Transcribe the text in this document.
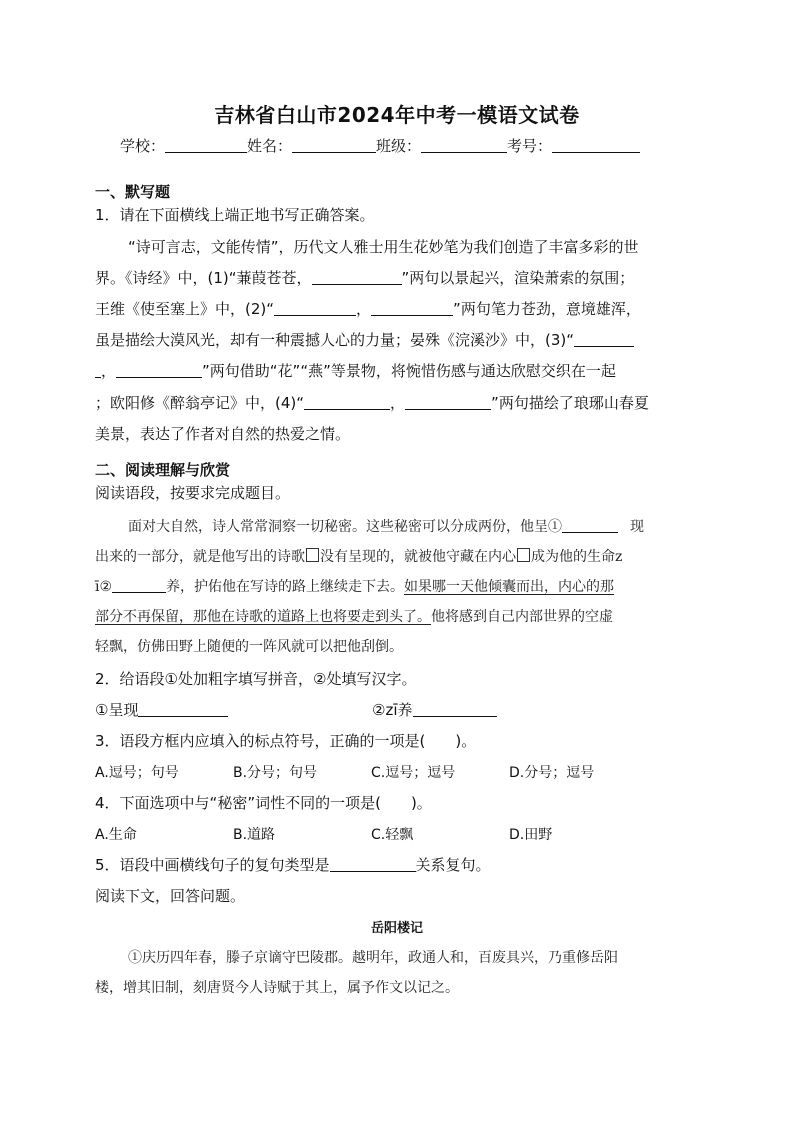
吉林省白山市2024年中考一模语文试卷
学校：	姓名：	班级：	考号：
一、默写题
1．请在下面横线上端正地书写正确答案。
“诗可言志，文能传情”，历代文人雅士用生花妙笔为我们创造了丰富多彩的世
界。《诗经》中，(1)“蒹葭苍苍，	”两句以景起兴，渲染萧索的氛围；
王维《使至塞上》中，(2)“	，	”两句笔力苍劲，意境雄浑，
虽是描绘大漠风光，却有一种震撼人心的力量；晏殊《浣溪沙》中，(3)“
，	”两句借助“花”“燕”等景物，将惋惜伤感与通达欣慰交织在一起
；欧阳修《醉翁亭记》中，(4)“	，	”两句描绘了琅琊山春夏
美景，表达了作者对自然的热爱之情。
二、阅读理解与欣赏
阅读语段，按要求完成题目。
面对大自然，诗人常常洞察一切秘密。这些秘密可以分成两份，他呈①	现
出来的一部分，就是他写出的诗歌 没有呈现的，就被他守藏在内心 成为他的生命z
ī②	养，护佑他在写诗的路上继续走下去。如果哪一天他倾囊而出，内心的那
部分不再保留，那他在诗歌的道路上也将要走到头了。他将感到自己内部世界的空虚
轻飘，仿佛田野上随便的一阵风就可以把他刮倒。
2．给语段①处加粗字填写拼音，②处填写汉字。
①呈现	②zī养
3．语段方框内应填入的标点符号，正确的一项是(　　)。
A.逗号；句号	B.分号；句号	C.逗号；逗号	D.分号；逗号
4．下面选项中与“秘密”词性不同的一项是(　　)。
A.生命	B.道路	C.轻飘	D.田野
5．语段中画横线句子的复句类型是	关系复句。
阅读下文，回答问题。
岳阳楼记
①庆历四年春，滕子京谪守巴陵郡。越明年，政通人和，百废具兴，乃重修岳阳
楼，增其旧制，刻唐贤今人诗赋于其上，属予作文以记之。
